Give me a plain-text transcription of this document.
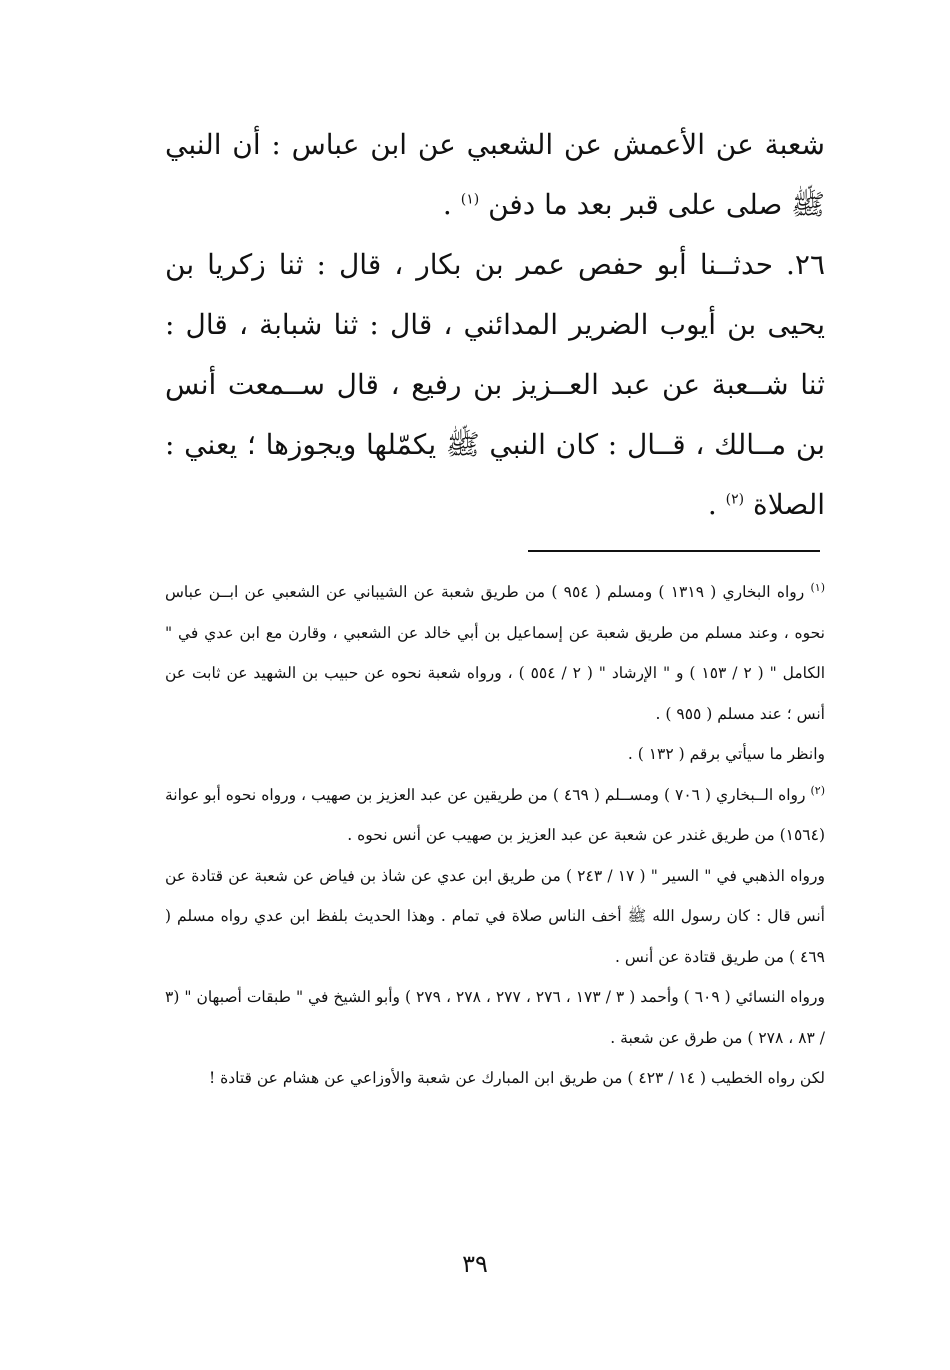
شعبة عن الأعمش عن الشعبي عن ابن عباس : أن النبي ﷺ صلى على قبر بعد ما دفن $^{(١)}$ .

٢٦. حدثــنا أبو حفص عمر بن بكار ، قال : ثنا زكريا بن يحيى بن أيوب الضرير المدائني ، قال : ثنا شبابة ، قال : ثنا شــعبة عن عبد العــزيز بن رفيع ، قال ســمعت أنس بن مــالك ، قــال : كان النبي ﷺ يكمّلها ويجوزها ؛ يعني : الصلاة $^{(٢)}$ .

$^{(١)}$ رواه البخاري ( ١٣١٩ ) ومسلم ( ٩٥٤ ) من طريق شعبة عن الشيباني عن الشعبي عن ابــن عباس نحوه ، وعند مسلم من طريق شعبة عن إسماعيل بن أبي خالد عن الشعبي ، وقارن مع ابن عدي في " الكامل " ( ٢ / ١٥٣ ) و " الإرشاد " ( ٢ / ٥٥٤ ) ، ورواه شعبة نحوه عن حبيب بن الشهيد عن ثابت عن أنس ؛ عند مسلم ( ٩٥٥ ) .

وانظر ما سيأتي برقم ( ١٣٢ ) .

$^{(٢)}$ رواه الــبخاري ( ٧٠٦ ) ومســلم ( ٤٦٩ ) من طريقين عن عبد العزيز بن صهيب ، ورواه نحوه أبو عوانة (١٥٦٤) من طريق غندر عن شعبة عن عبد العزيز بن صهيب عن أنس نحوه .

ورواه الذهبي في " السير " ( ١٧ / ٢٤٣ ) من طريق ابن عدي عن شاذ بن فياض عن شعبة عن قتادة عن أنس قال : كان رسول الله ﷺ أخف الناس صلاة في تمام . وهذا الحديث بلفظ ابن عدي رواه مسلم ( ٤٦٩ ) من طريق قتادة عن أنس .

ورواه النسائي ( ٦٠٩ ) وأحمد ( ٣ / ١٧٣ ، ٢٧٦ ، ٢٧٧ ، ٢٧٨ ، ٢٧٩ ) وأبو الشيخ في " طبقات أصبهان " (٣ / ٨٣ ، ٢٧٨ ) من طرق عن شعبة .

لكن رواه الخطيب ( ١٤ / ٤٢٣ ) من طريق ابن المبارك عن شعبة والأوزاعي عن هشام عن قتادة !

٣٩
